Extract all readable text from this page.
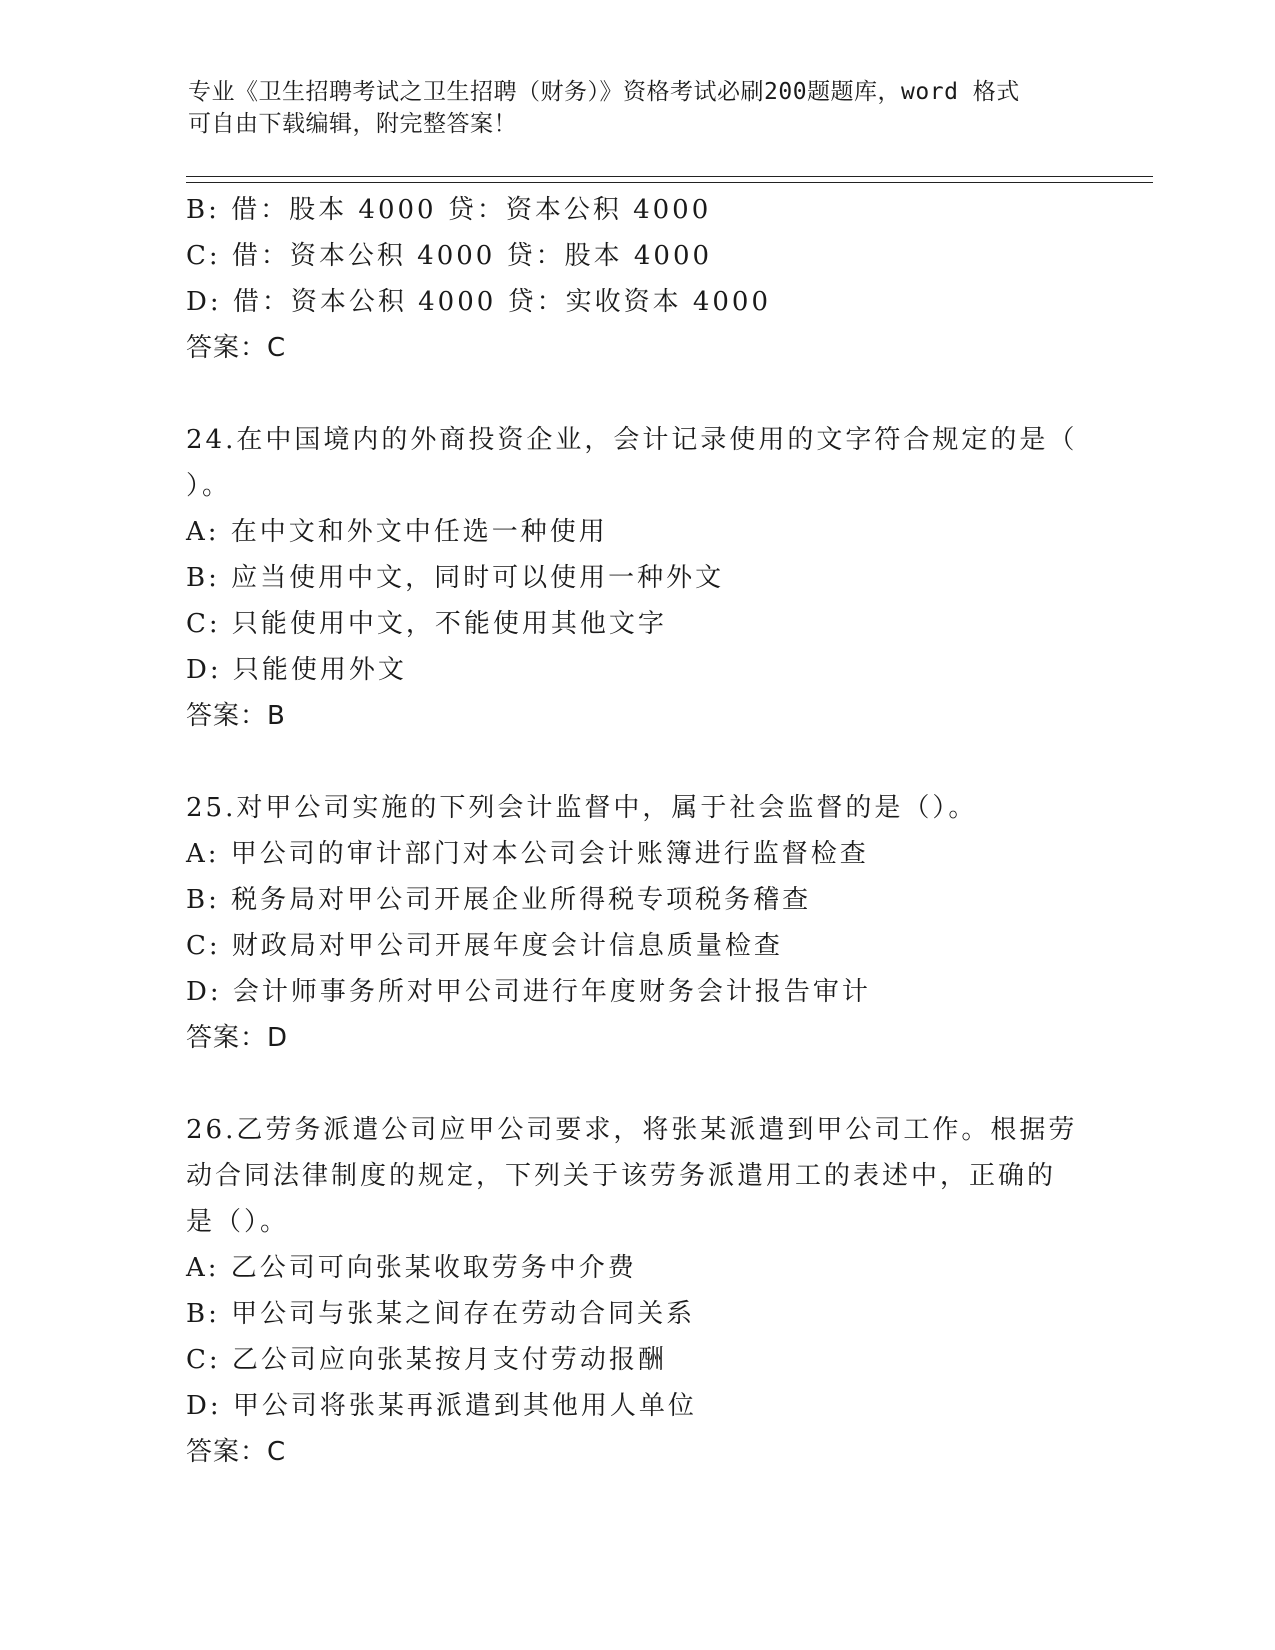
专业《卫生招聘考试之卫生招聘（财务）》资格考试必刷200题题库，word 格式

可自由下载编辑，附完整答案！

B: 借：股本 4000 贷：资本公积 4000
C: 借：资本公积 4000 贷：股本 4000
D: 借：资本公积 4000 贷：实收资本 4000
答案：C
24.在中国境内的外商投资企业，会计记录使用的文字符合规定的是（
）。
A: 在中文和外文中任选一种使用
B: 应当使用中文，同时可以使用一种外文
C: 只能使用中文，不能使用其他文字
D: 只能使用外文
答案：B
25.对甲公司实施的下列会计监督中，属于社会监督的是（）。
A: 甲公司的审计部门对本公司会计账簿进行监督检查
B: 税务局对甲公司开展企业所得税专项税务稽查
C: 财政局对甲公司开展年度会计信息质量检查
D: 会计师事务所对甲公司进行年度财务会计报告审计
答案：D
26.乙劳务派遣公司应甲公司要求，将张某派遣到甲公司工作。根据劳
动合同法律制度的规定，下列关于该劳务派遣用工的表述中，正确的
是（）。
A: 乙公司可向张某收取劳务中介费
B: 甲公司与张某之间存在劳动合同关系
C: 乙公司应向张某按月支付劳动报酬
D: 甲公司将张某再派遣到其他用人单位
答案：C
